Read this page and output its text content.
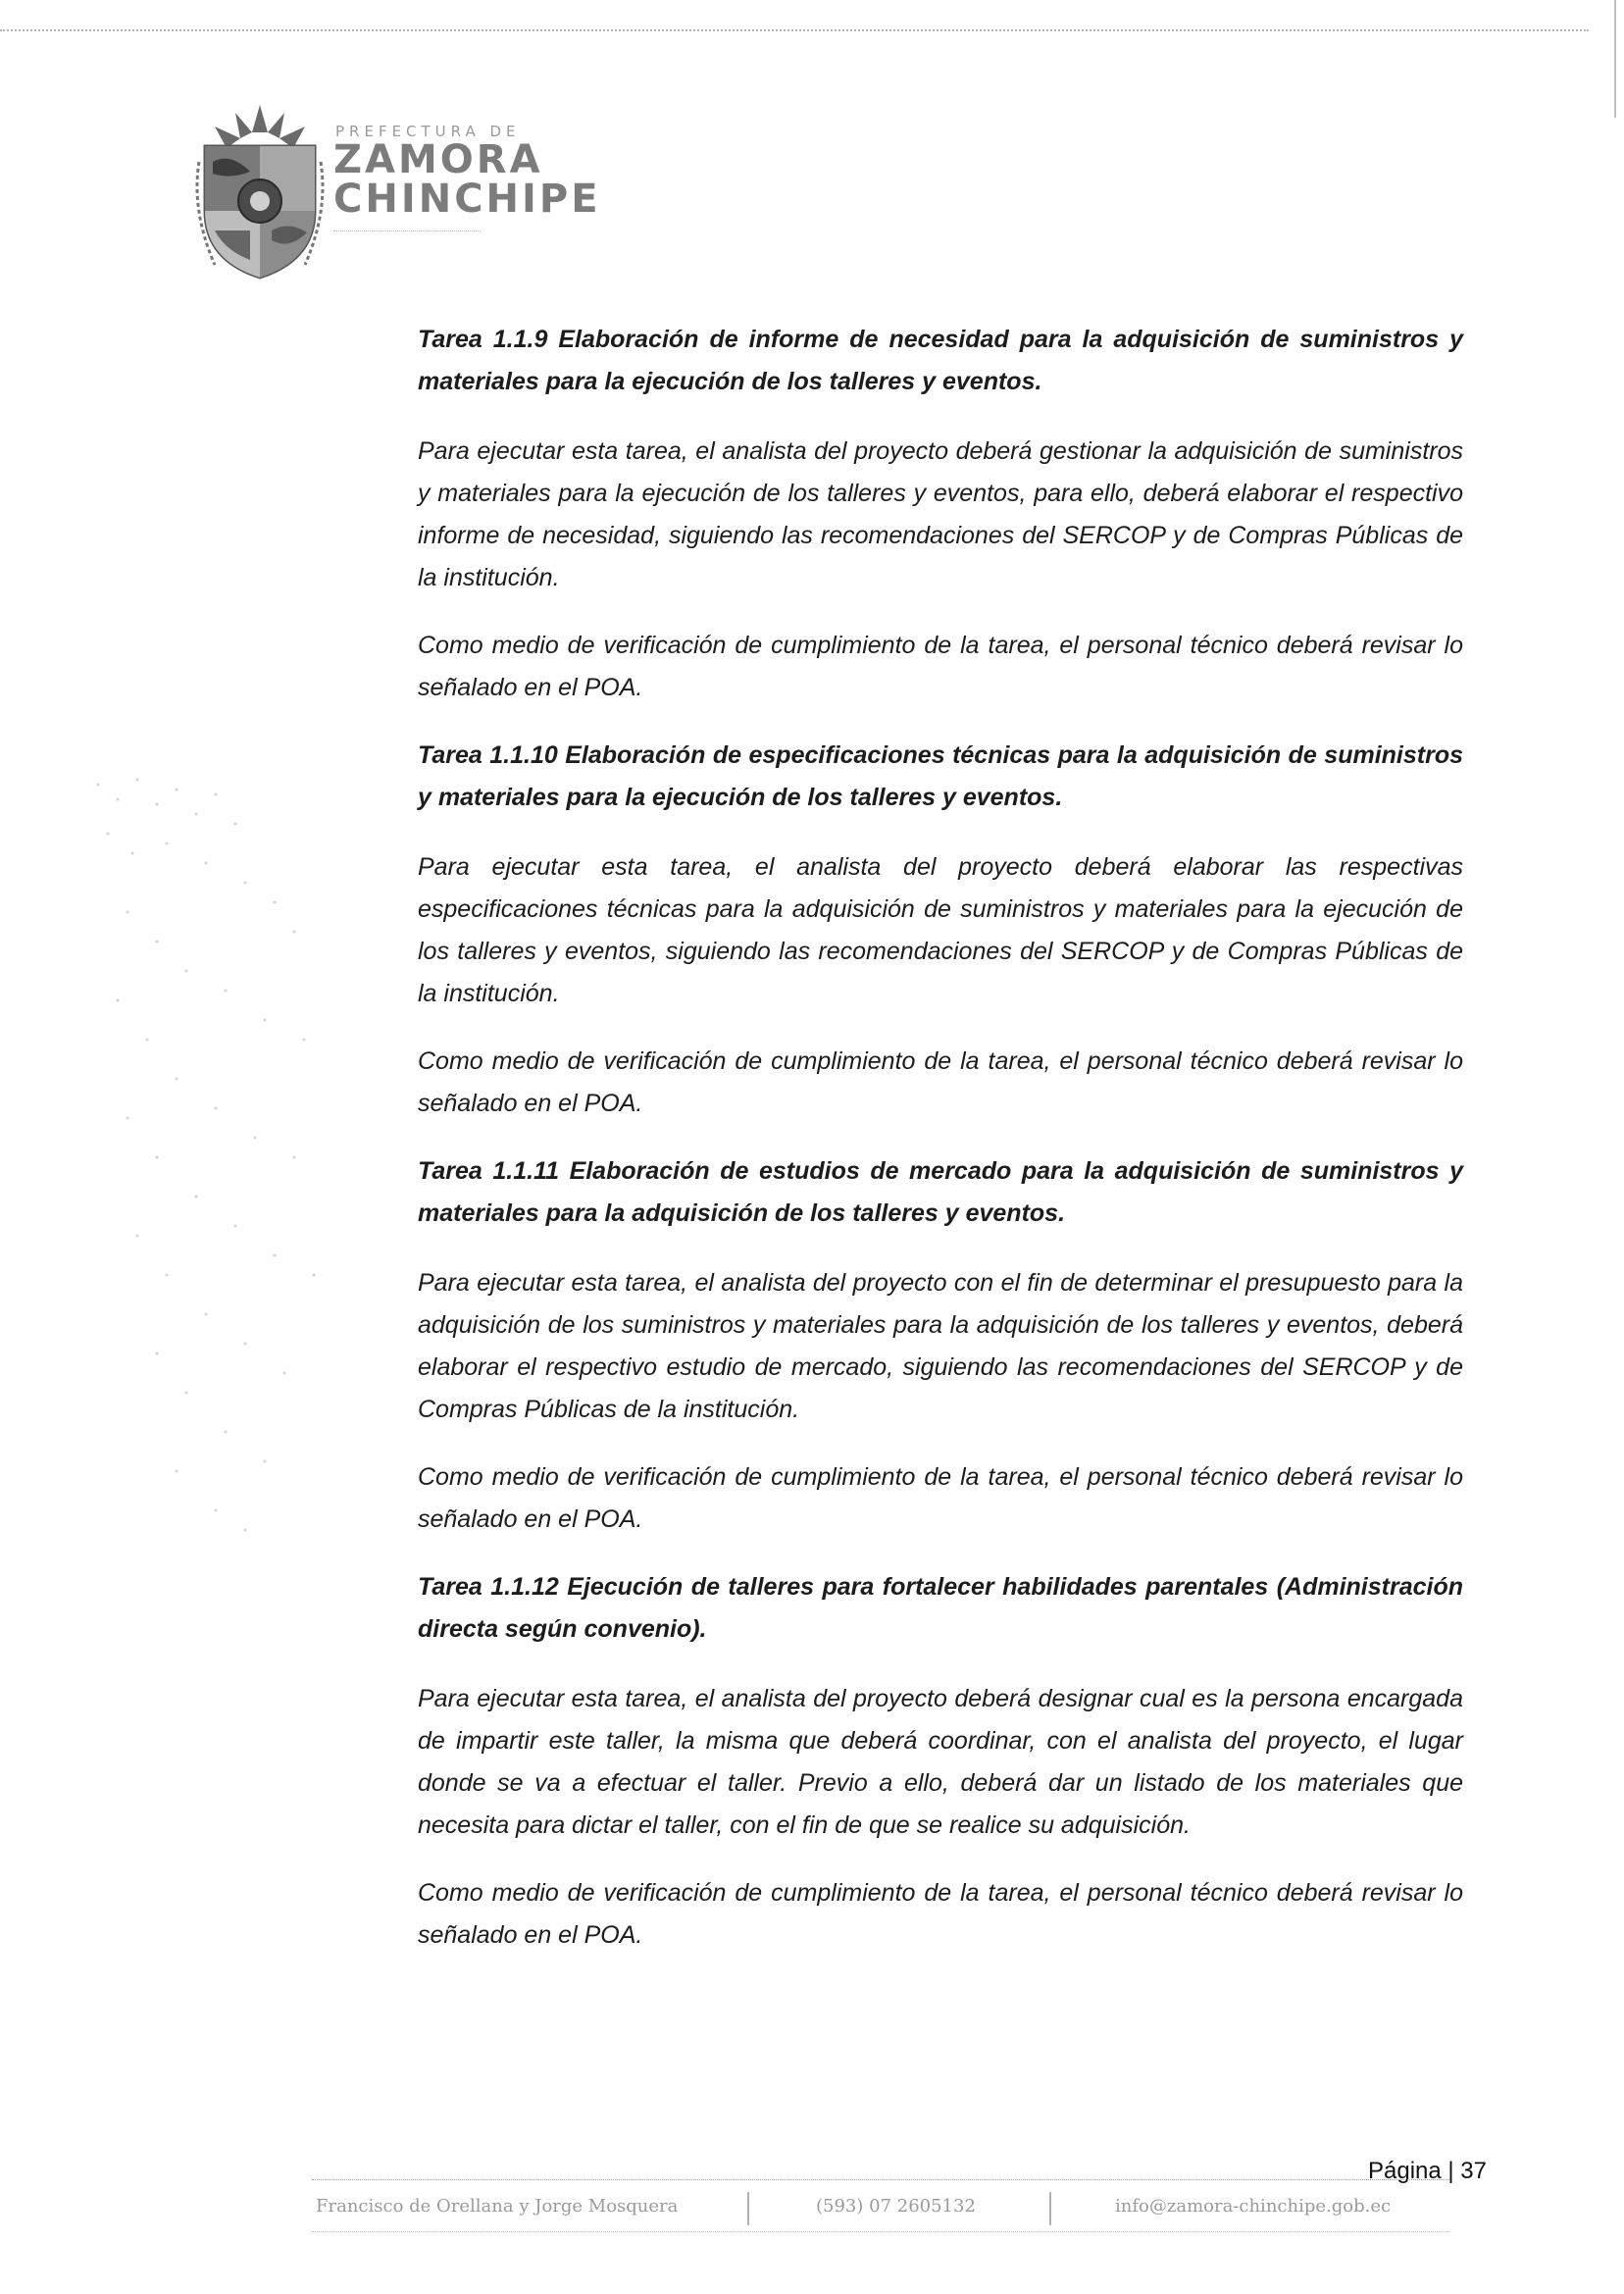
PREFECTURA DE
ZAMORA
CHINCHIPE

Tarea 1.1.9 Elaboración de informe de necesidad para la adquisición de suministros y materiales para la ejecución de los talleres y eventos.

Para ejecutar esta tarea, el analista del proyecto deberá gestionar la adquisición de suministros y materiales para la ejecución de los talleres y eventos, para ello, deberá elaborar el respectivo informe de necesidad, siguiendo las recomendaciones del SERCOP y de Compras Públicas de la institución.

Como medio de verificación de cumplimiento de la tarea, el personal técnico deberá revisar lo señalado en el POA.

Tarea 1.1.10 Elaboración de especificaciones técnicas para la adquisición de suministros y materiales para la ejecución de los talleres y eventos.

Para ejecutar esta tarea, el analista del proyecto deberá elaborar las respectivas especificaciones técnicas para la adquisición de suministros y materiales para la ejecución de los talleres y eventos, siguiendo las recomendaciones del SERCOP y de Compras Públicas de la institución.

Como medio de verificación de cumplimiento de la tarea, el personal técnico deberá revisar lo señalado en el POA.

Tarea 1.1.11 Elaboración de estudios de mercado para la adquisición de suministros y materiales para la adquisición de los talleres y eventos.

Para ejecutar esta tarea, el analista del proyecto con el fin de determinar el presupuesto para la adquisición de los suministros y materiales para la adquisición de los talleres y eventos, deberá elaborar el respectivo estudio de mercado, siguiendo las recomendaciones del SERCOP y de Compras Públicas de la institución.

Como medio de verificación de cumplimiento de la tarea, el personal técnico deberá revisar lo señalado en el POA.

Tarea 1.1.12 Ejecución de talleres para fortalecer habilidades parentales (Administración directa según convenio).

Para ejecutar esta tarea, el analista del proyecto deberá designar cual es la persona encargada de impartir este taller, la misma que deberá coordinar, con el analista del proyecto, el lugar donde se va a efectuar el taller. Previo a ello, deberá dar un listado de los materiales que necesita para dictar el taller, con el fin de que se realice su adquisición.

Como medio de verificación de cumplimiento de la tarea, el personal técnico deberá revisar lo señalado en el POA.

Página | 37
Francisco de Orellana y Jorge Mosquera	(593) 07 2605132	info@zamora-chinchipe.gob.ec
